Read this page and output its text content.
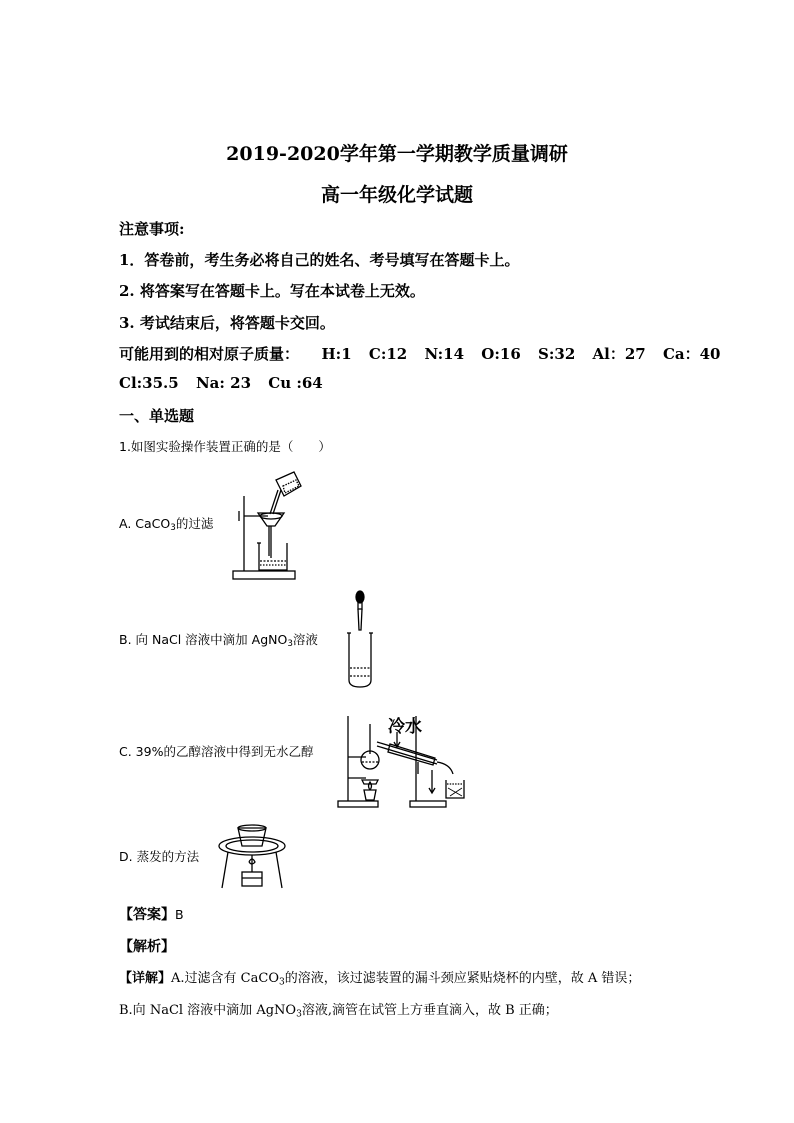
2019-2020学年第一学期教学质量调研
高一年级化学试题
注意事项:
1．答卷前，考生务必将自己的姓名、考号填写在答题卡上。
2. 将答案写在答题卡上。写在本试卷上无效。
3. 考试结束后，将答题卡交回。
可能用到的相对原子质量： H:1 C:12 N:14 O:16 S:32 Al：27 Ca：40
Cl:35.5 Na: 23 Cu :64
一、单选题
1.如图实验操作装置正确的是（　　）
A. CaCO$_3$的过滤
B. 向 NaCl 溶液中滴加 AgNO$_3$溶液
C. 39%的乙醇溶液中得到无水乙醇
冷水
D. 蒸发的方法
【答案】B
【解析】
【详解】A.过滤含有 CaCO$_3$的溶液，该过滤装置的漏斗颈应紧贴烧杯的内壁，故 A 错误；
B.向 NaCl 溶液中滴加 AgNO$_3$溶液,滴管在试管上方垂直滴入，故 B 正确；
